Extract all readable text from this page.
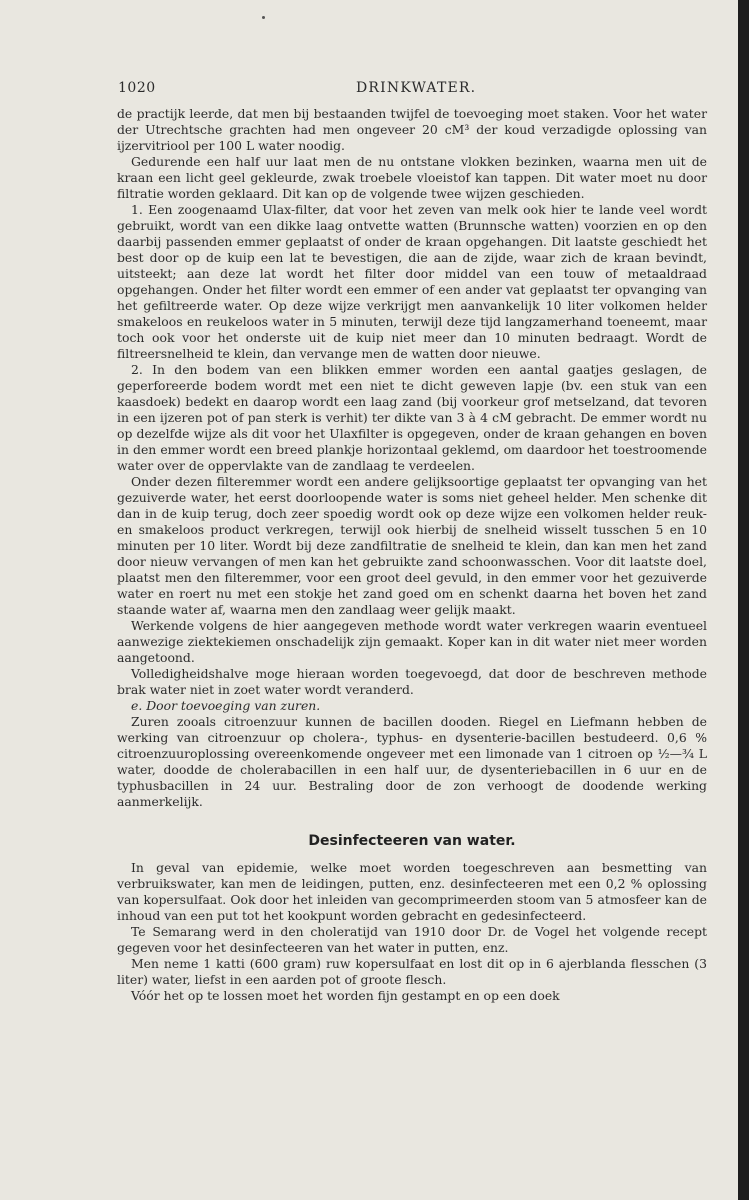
1020	DRINKWATER.

de practijk leerde, dat men bij bestaanden twijfel de toevoeging moet staken. Voor het water der Utrechtsche grachten had men ongeveer 20 cM³ der koud verzadigde oplossing van ijzervitriool per 100 L water noodig.

Gedurende een half uur laat men de nu ontstane vlokken bezinken, waarna men uit de kraan een licht geel gekleurde, zwak troebele vloeistof kan tappen. Dit water moet nu door filtratie worden geklaard. Dit kan op de volgende twee wijzen geschieden.

1. Een zoogenaamd Ulax-filter, dat voor het zeven van melk ook hier te lande veel wordt gebruikt, wordt van een dikke laag ontvette watten (Brunnsche watten) voorzien en op den daarbij passenden emmer geplaatst of onder de kraan opgehangen. Dit laatste geschiedt het best door op de kuip een lat te bevestigen, die aan de zijde, waar zich de kraan bevindt, uitsteekt; aan deze lat wordt het filter door middel van een touw of metaaldraad opgehangen. Onder het filter wordt een emmer of een ander vat geplaatst ter opvanging van het gefiltreerde water. Op deze wijze verkrijgt men aanvankelijk 10 liter volkomen helder smakeloos en reukeloos water in 5 minuten, terwijl deze tijd langzamerhand toeneemt, maar toch ook voor het onderste uit de kuip niet meer dan 10 minuten bedraagt. Wordt de filtreersnelheid te klein, dan vervange men de watten door nieuwe.

2. In den bodem van een blikken emmer worden een aantal gaatjes geslagen, de geperforeerde bodem wordt met een niet te dicht geweven lapje (bv. een stuk van een kaasdoek) bedekt en daarop wordt een laag zand (bij voorkeur grof metselzand, dat tevoren in een ijzeren pot of pan sterk is verhit) ter dikte van 3 à 4 cM gebracht. De emmer wordt nu op dezelfde wijze als dit voor het Ulaxfilter is opgegeven, onder de kraan gehangen en boven in den emmer wordt een breed plankje horizontaal geklemd, om daardoor het toestroomende water over de oppervlakte van de zandlaag te verdeelen.

Onder dezen filteremmer wordt een andere gelijksoortige geplaatst ter opvanging van het gezuiverde water, het eerst doorloopende water is soms niet geheel helder. Men schenke dit dan in de kuip terug, doch zeer spoedig wordt ook op deze wijze een volkomen helder reuk- en smakeloos product verkregen, terwijl ook hierbij de snelheid wisselt tusschen 5 en 10 minuten per 10 liter. Wordt bij deze zandfiltratie de snelheid te klein, dan kan men het zand door nieuw vervangen of men kan het gebruikte zand schoonwasschen. Voor dit laatste doel, plaatst men den filteremmer, voor een groot deel gevuld, in den emmer voor het gezuiverde water en roert nu met een stokje het zand goed om en schenkt daarna het boven het zand staande water af, waarna men den zandlaag weer gelijk maakt.

Werkende volgens de hier aangegeven methode wordt water verkregen waarin eventueel aanwezige ziektekiemen onschadelijk zijn gemaakt. Koper kan in dit water niet meer worden aangetoond.

Volledigheidshalve moge hieraan worden toegevoegd, dat door de beschreven methode brak water niet in zoet water wordt veranderd.

e. Door toevoeging van zuren.

Zuren zooals citroenzuur kunnen de bacillen dooden. Riegel en Liefmann hebben de werking van citroenzuur op cholera-, typhus- en dysenterie-bacillen bestudeerd. 0,6 % citroenzuuroplossing overeenkomende ongeveer met een limonade van 1 citroen op ½—¾ L water, doodde de cholerabacillen in een half uur, de dysenteriebacillen in 6 uur en de typhusbacillen in 24 uur. Bestraling door de zon verhoogt de doodende werking aanmerkelijk.

Desinfecteeren van water.

In geval van epidemie, welke moet worden toegeschreven aan besmetting van verbruikswater, kan men de leidingen, putten, enz. desinfecteeren met een 0,2 % oplossing van kopersulfaat. Ook door het inleiden van gecomprimeerden stoom van 5 atmosfeer kan de inhoud van een put tot het kookpunt worden gebracht en gedesinfecteerd.

Te Semarang werd in den choleratijd van 1910 door Dr. de Vogel het volgende recept gegeven voor het desinfecteeren van het water in putten, enz.

Men neme 1 katti (600 gram) ruw kopersulfaat en lost dit op in 6 ajerblanda flesschen (3 liter) water, liefst in een aarden pot of groote flesch.

Vóór het op te lossen moet het worden fijn gestampt en op een doek
